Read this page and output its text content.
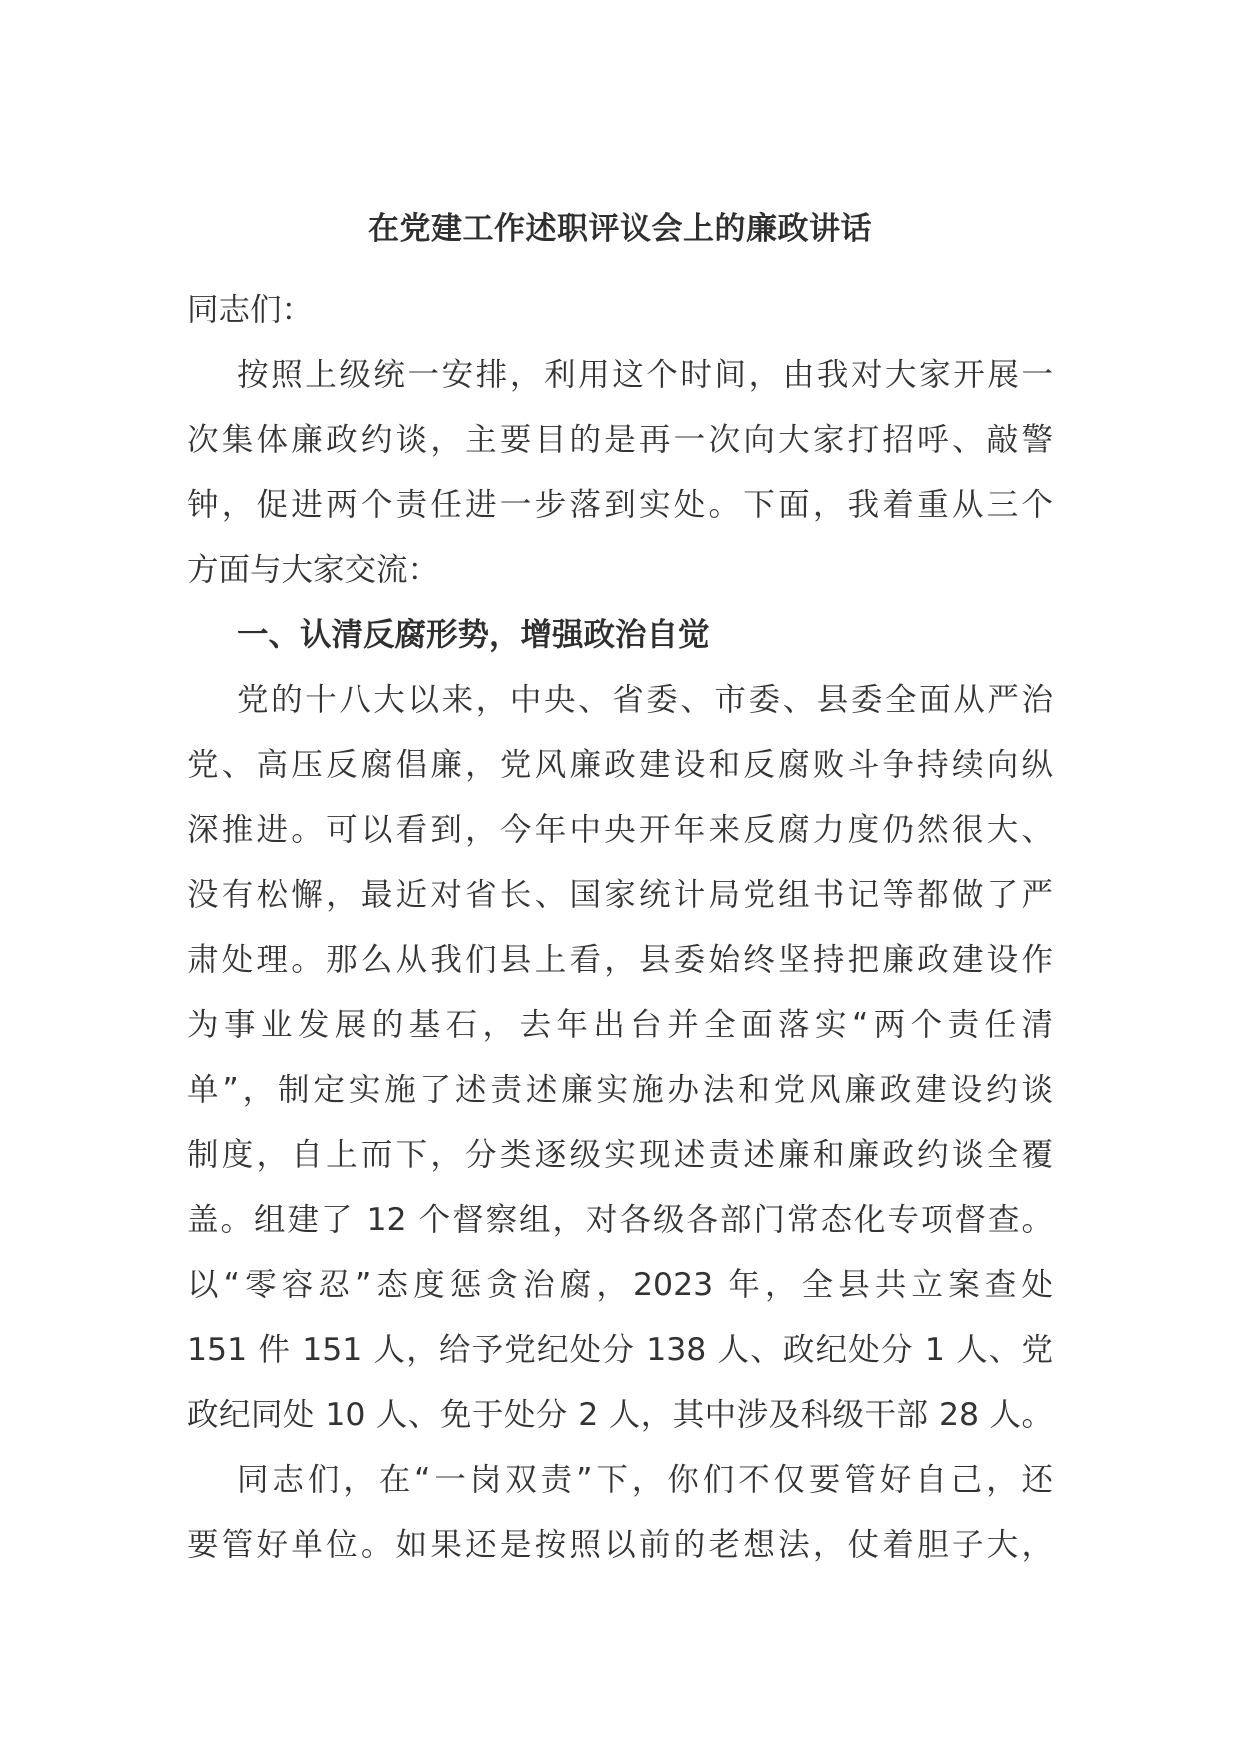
在党建工作述职评议会上的廉政讲话
同志们：
按照上级统一安排，利用这个时间，由我对大家开展一
次集体廉政约谈，主要目的是再一次向大家打招呼、敲警
钟，促进两个责任进一步落到实处。下面，我着重从三个
方面与大家交流：
一、认清反腐形势，增强政治自觉
党的十八大以来，中央、省委、市委、县委全面从严治
党、高压反腐倡廉，党风廉政建设和反腐败斗争持续向纵
深推进。可以看到，今年中央开年来反腐力度仍然很大、
没有松懈，最近对省长、国家统计局党组书记等都做了严
肃处理。那么从我们县上看，县委始终坚持把廉政建设作
为事业发展的基石，去年出台并全面落实“两个责任清
单”，制定实施了述责述廉实施办法和党风廉政建设约谈
制度，自上而下，分类逐级实现述责述廉和廉政约谈全覆
盖。组建了 12 个督察组，对各级各部门常态化专项督查。
以“零容忍”态度惩贪治腐，2023 年，全县共立案查处
151 件 151 人，给予党纪处分 138 人、政纪处分 1 人、党
政纪同处 10 人、免于处分 2 人，其中涉及科级干部 28 人。
同志们，在“一岗双责”下，你们不仅要管好自己，还
要管好单位。如果还是按照以前的老想法，仗着胆子大，
